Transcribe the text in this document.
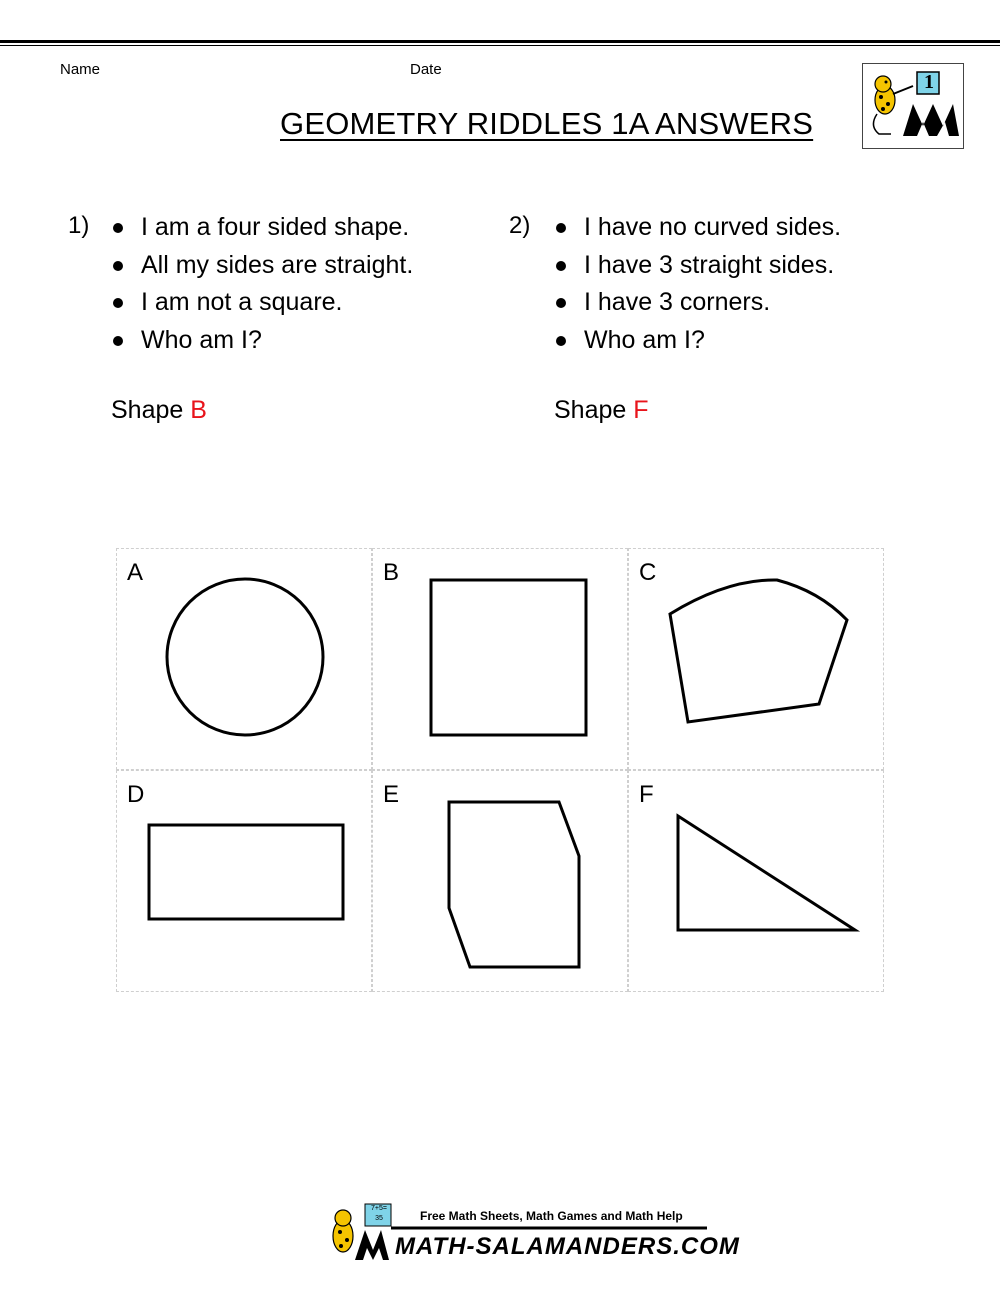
Name	Date
GEOMETRY RIDDLES 1A ANSWERS
1
1)	I am a four sided shape.
All my sides are straight.
I am not a square.
Who am I?
Shape B
2)	I have no curved sides.
I have 3 straight sides.
I have 3 corners.
Who am I?
Shape F
A	B	C
D	E	F
7+5=
35	Free Math Sheets, Math Games and Math Help
MATH-SALAMANDERS.COM
